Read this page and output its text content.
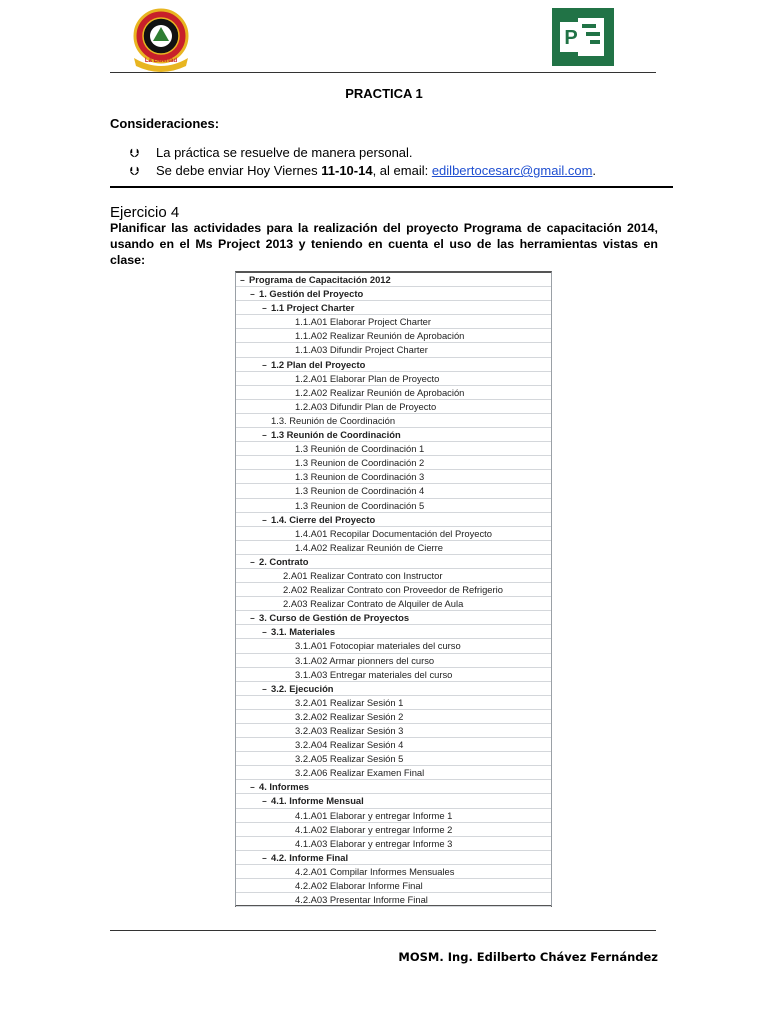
La Libertad
P
PRACTICA 1
Consideraciones:
⮋	La práctica se resuelve de manera personal.
⮋	Se debe enviar Hoy Viernes 11-10-14, al email: edilbertocesarc@gmail.com.
Ejercicio 4
Planificar las actividades para la realización del proyecto Programa de capacitación 2014, usando en el Ms Project 2013 y teniendo en cuenta el uso de las herramientas vistas en clase:
− Programa de Capacitación 2012
− 1. Gestión del Proyecto
− 1.1 Project Charter
1.1.A01 Elaborar Project Charter
1.1.A02 Realizar Reunión de Aprobación
1.1.A03 Difundir Project Charter
− 1.2 Plan del Proyecto
1.2.A01 Elaborar Plan de Proyecto
1.2.A02 Realizar Reunión de Aprobación
1.2.A03 Difundir Plan de Proyecto
1.3. Reunión de Coordinación
− 1.3 Reunión de Coordinación
1.3 Reunión de Coordinación 1
1.3 Reunion de Coordinación 2
1.3 Reunion de Coordinación 3
1.3 Reunion de Coordinación 4
1.3 Reunion de Coordinación 5
− 1.4. Cierre del Proyecto
1.4.A01 Recopilar Documentación del Proyecto
1.4.A02 Realizar Reunión de Cierre
− 2. Contrato
2.A01 Realizar Contrato con Instructor
2.A02 Realizar Contrato con Proveedor de Refrigerio
2.A03 Realizar Contrato de Alquiler de Aula
− 3. Curso de Gestión de Proyectos
− 3.1. Materiales
3.1.A01 Fotocopiar materiales del curso
3.1.A02 Armar pionners del curso
3.1.A03 Entregar materiales del curso
− 3.2. Ejecución
3.2.A01 Realizar Sesión 1
3.2.A02 Realizar Sesión 2
3.2.A03 Realizar Sesión 3
3.2.A04 Realizar Sesión 4
3.2.A05 Realizar Sesión 5
3.2.A06 Realizar Examen Final
− 4. Informes
− 4.1. Informe Mensual
4.1.A01 Elaborar y entregar Informe 1
4.1.A02 Elaborar y entregar Informe 2
4.1.A03 Elaborar y entregar Informe 3
− 4.2. Informe Final
4.2.A01 Compilar Informes Mensuales
4.2.A02 Elaborar Informe Final
4.2.A03 Presentar Informe Final
MOSM. Ing. Edilberto Chávez Fernández
